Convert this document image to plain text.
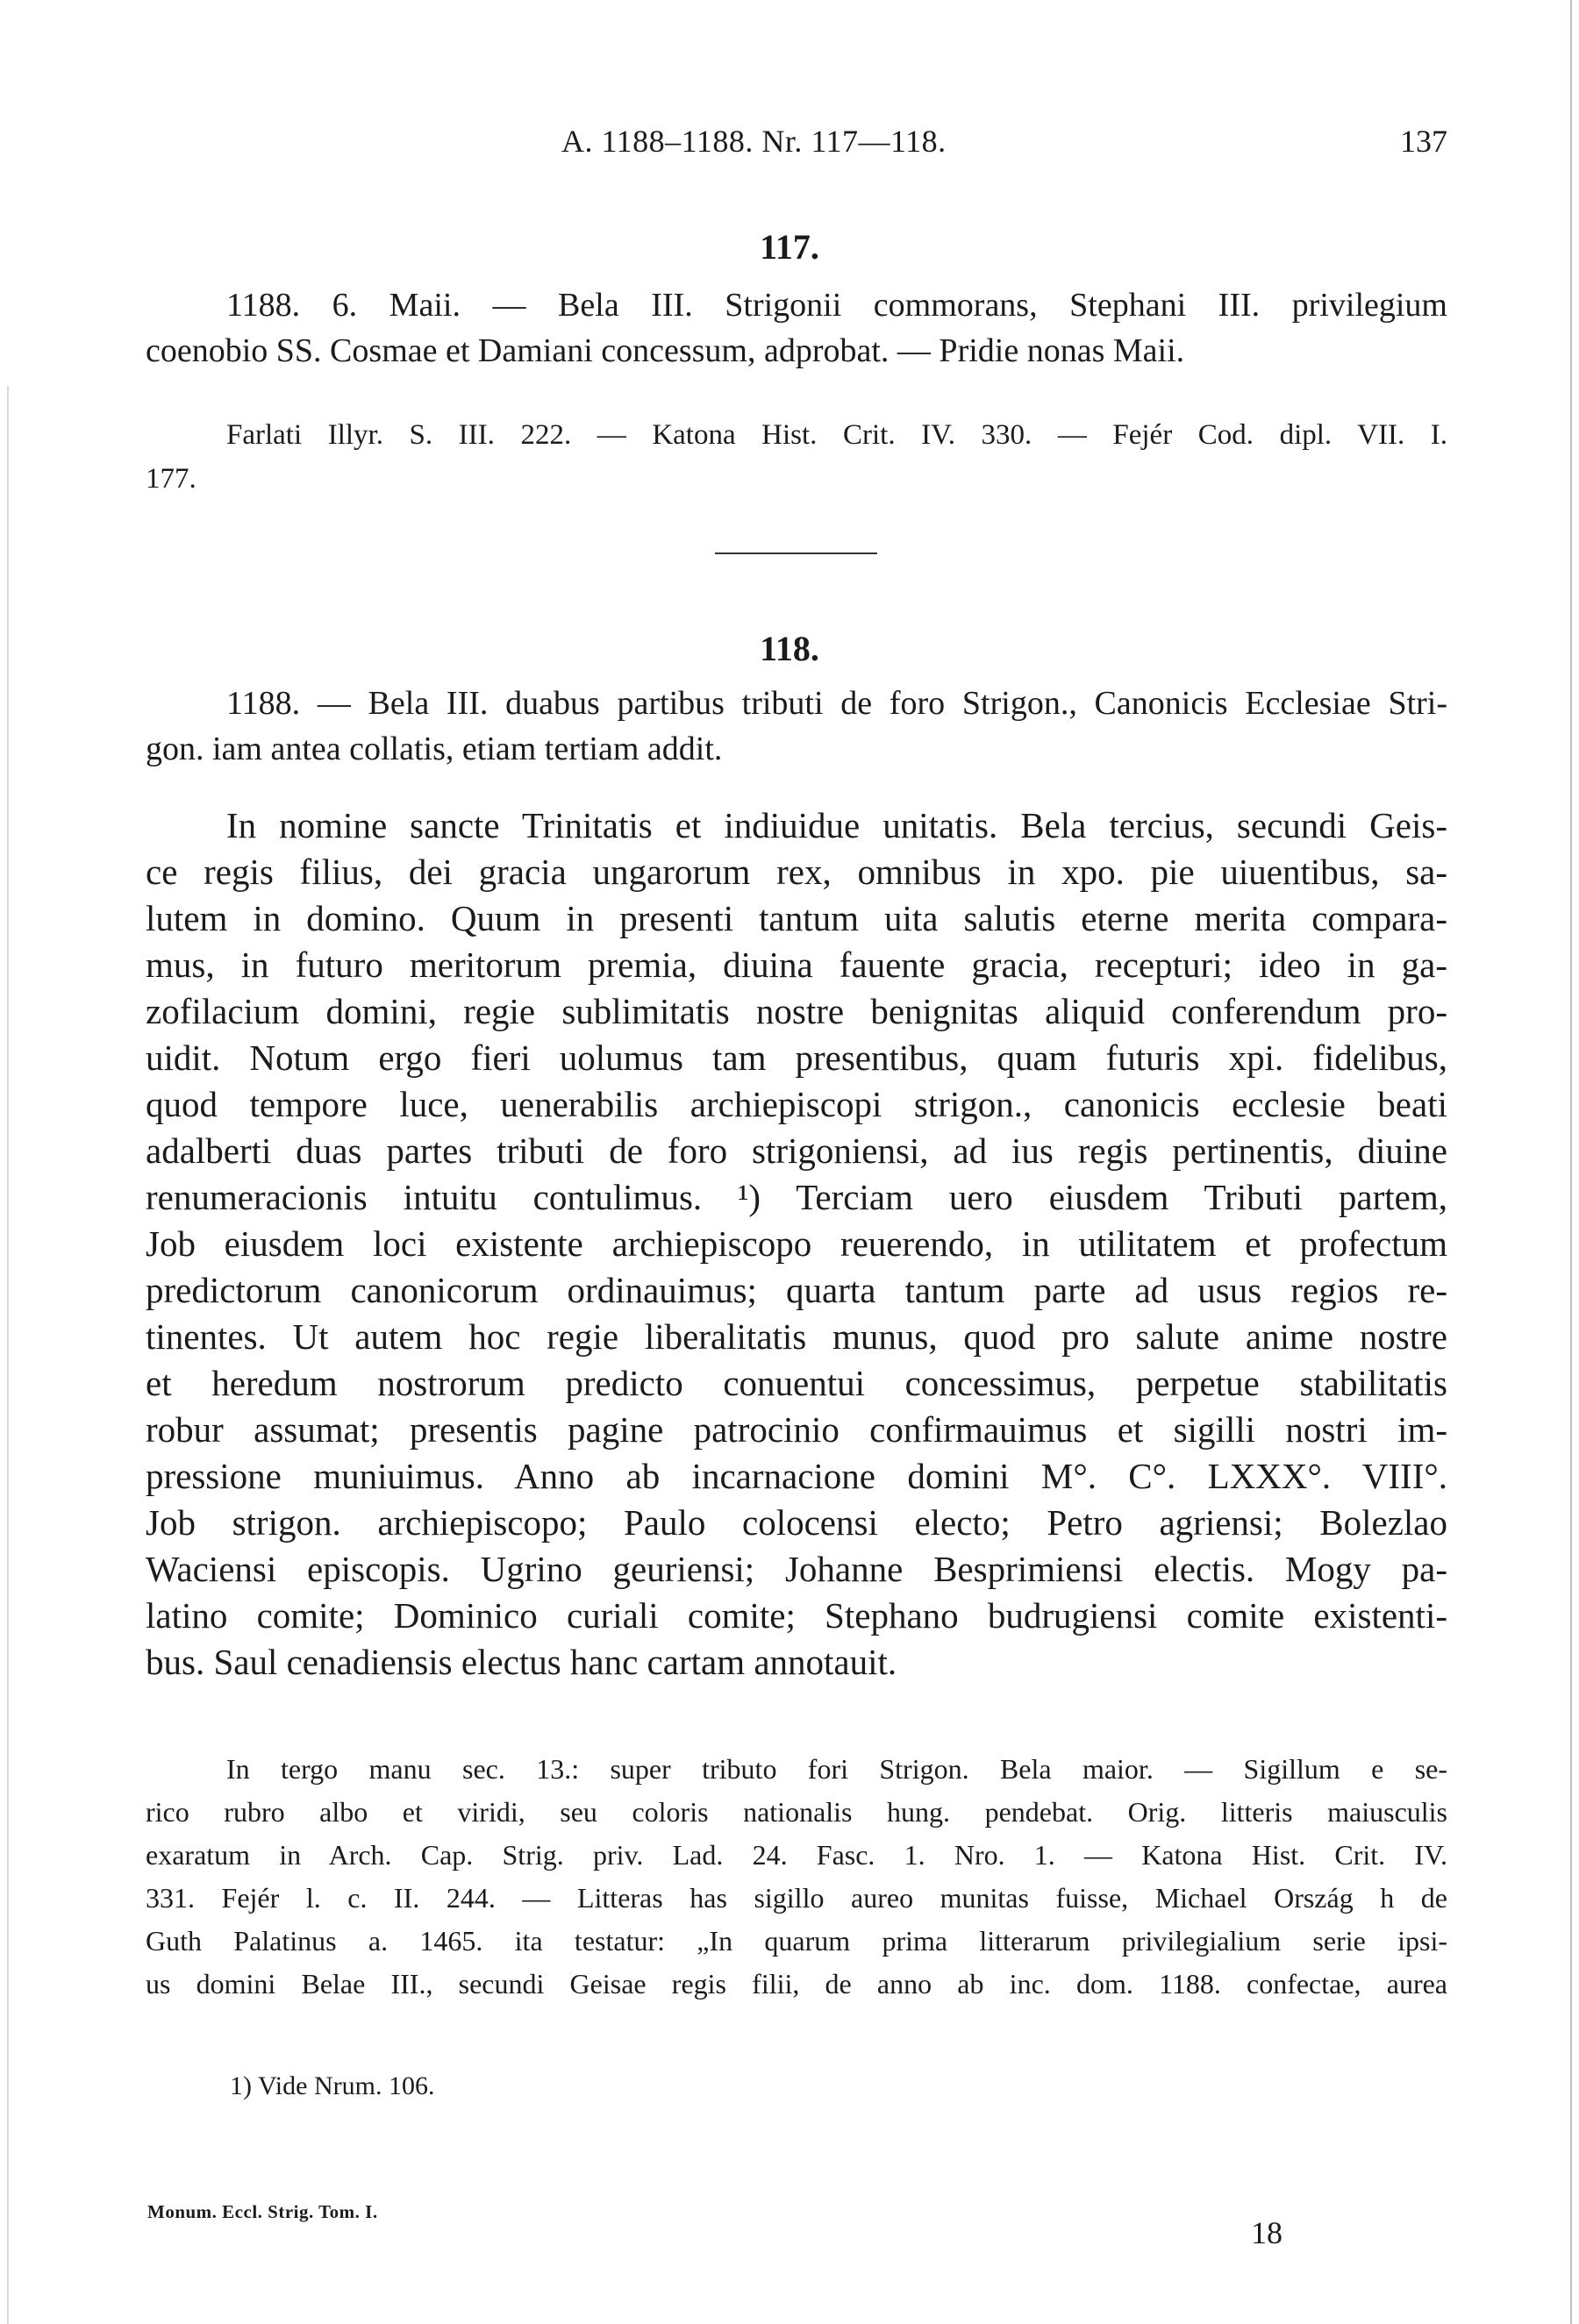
A. 1188–1188. Nr. 117—118.	137
117.
1188. 6. Maii. — Bela III. Strigonii commorans, Stephani III. privilegium
coenobio SS. Cosmae et Damiani concessum, adprobat. — Pridie nonas Maii.
Farlati Illyr. S. III. 222. — Katona Hist. Crit. IV. 330. — Fejér Cod. dipl. VII. I.
177.
118.
1188. — Bela III. duabus partibus tributi de foro Strigon., Canonicis Ecclesiae Stri-
gon. iam antea collatis, etiam tertiam addit.
In nomine sancte Trinitatis et indiuidue unitatis. Bela tercius, secundi Geis-
ce regis filius, dei gracia ungarorum rex, omnibus in xpo. pie uiuentibus, sa-
lutem in domino. Quum in presenti tantum uita salutis eterne merita compara-
mus, in futuro meritorum premia, diuina fauente gracia, recepturi; ideo in ga-
zofilacium domini, regie sublimitatis nostre benignitas aliquid conferendum pro-
uidit. Notum ergo fieri uolumus tam presentibus, quam futuris xpi. fidelibus,
quod tempore luce, uenerabilis archiepiscopi strigon., canonicis ecclesie beati
adalberti duas partes tributi de foro strigoniensi, ad ius regis pertinentis, diuine
renumeracionis intuitu contulimus. ¹) Terciam uero eiusdem Tributi partem,
Job eiusdem loci existente archiepiscopo reuerendo, in utilitatem et profectum
predictorum canonicorum ordinauimus; quarta tantum parte ad usus regios re-
tinentes. Ut autem hoc regie liberalitatis munus, quod pro salute anime nostre
et heredum nostrorum predicto conuentui concessimus, perpetue stabilitatis
robur assumat; presentis pagine patrocinio confirmauimus et sigilli nostri im-
pressione muniuimus. Anno ab incarnacione domini M°. C°. LXXX°. VIII°.
Job strigon. archiepiscopo; Paulo colocensi electo; Petro agriensi; Bolezlao
Waciensi episcopis. Ugrino geuriensi; Johanne Besprimiensi electis. Mogy pa-
latino comite; Dominico curiali comite; Stephano budrugiensi comite existenti-
bus. Saul cenadiensis electus hanc cartam annotauit.
In tergo manu sec. 13.: super tributo fori Strigon. Bela maior. — Sigillum e se-
rico rubro albo et viridi, seu coloris nationalis hung. pendebat. Orig. litteris maiusculis
exaratum in Arch. Cap. Strig. priv. Lad. 24. Fasc. 1. Nro. 1. — Katona Hist. Crit. IV.
331. Fejér l. c. II. 244. — Litteras has sigillo aureo munitas fuisse, Michael Ország h de
Guth Palatinus a. 1465. ita testatur: „In quarum prima litterarum privilegialium serie ipsi-
us domini Belae III., secundi Geisae regis filii, de anno ab inc. dom. 1188. confectae, aurea
1) Vide Nrum. 106.
Monum. Eccl. Strig. Tom. I.
18
